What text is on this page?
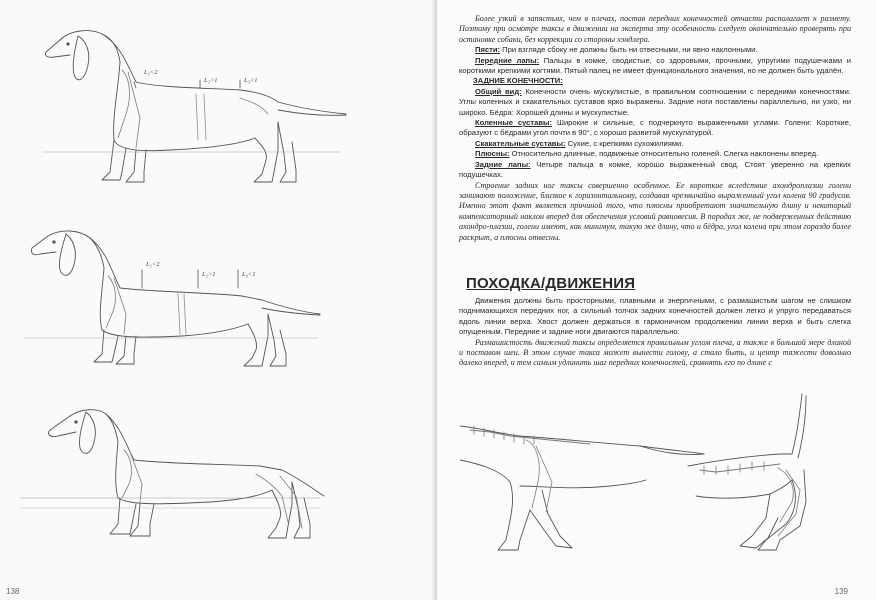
L₁<2
L₂>1	L₃>1
L₁<2
L₂>1	L₃<1
138	139

Более узкий в запястьях, чем в плечах, постав передних конечностей отчасти располагает к размету. Поэтому при осмотре таксы в движении на эксперта эту особенность следует окончательно проверять при остановке собаки, без коррекции со стороны хэндлера.

Пясти: При взгляде сбоку не должны быть ни отвесными, ни явно наклонными.

Передние лапы: Пальцы в комке, сводистые, со здоровыми, прочными, упругими подушечками и короткими крепкими когтями. Пятый палец не имеет функционального значения, но не должен быть удалён.

ЗАДНИЕ КОНЕЧНОСТИ:

Общий вид: Конечности очень мускулистые, в правильном соотношении с передними конечностями. Углы коленных и скакательных суставов ярко выражены. Задние ноги поставлены параллельно, ни узко, ни широко. Бёдра: Хорошей длины и мускулистые.

Коленные суставы: Широкие и сильные, с подчеркнуто выраженными углами. Голени: Короткие, образуют с бёдрами угол почти в 90°, с хорошо развитой мускулатурой.

Скакательные суставы: Сухие, с крепкими сухожилиями.

Плюсны: Относительно длинные, подвижные относительно голеней. Слегка наклонены вперед.

Задние лапы: Четыре пальца в комке, хорошо выраженный свод. Стоят уверенно на крепких подушечках.

Строение задних ног таксы совершенно особенное. Ее короткие вследствие ахондроплазии голени занимают положение, близкое к горизонтальному, создавая чрезвычайно выраженный угол колена 90 градусов. Именно этот факт является причиной того, что плюсны приобретают значительную длину и некоторый компенсаторный наклон вперед для обеспечения условий равновесия. В породах же, не подверженных действию ахондро-плазии, голени имеют, как минимум, такую же длину, что и бёдра, угол колена при этом гораздо более раскрыт, а плюсны отвесны.

ПОХОДКА/ДВИЖЕНИЯ

Движения должны быть просторными, плавными и энергичными, с размашистым шагом не слишком поднимающихся передних ног, а сильный толчок задних конечностей должен легко и упруго передаваться вдоль линии верха. Хвост должен держаться в гармоничном продолжении линии верха и быть слегка опущенным. Передние и задние ноги двигаются параллельно.

Размашистость движений таксы определяется правильным углом плеча, а также в большой мере длиной и поставом шеи. В этом случае такса может вынести голову, а стало быть, и центр тяжести довольно далеко вперед, и тем самым удлинить шаг передних конечностей, сравнять его по длине с
